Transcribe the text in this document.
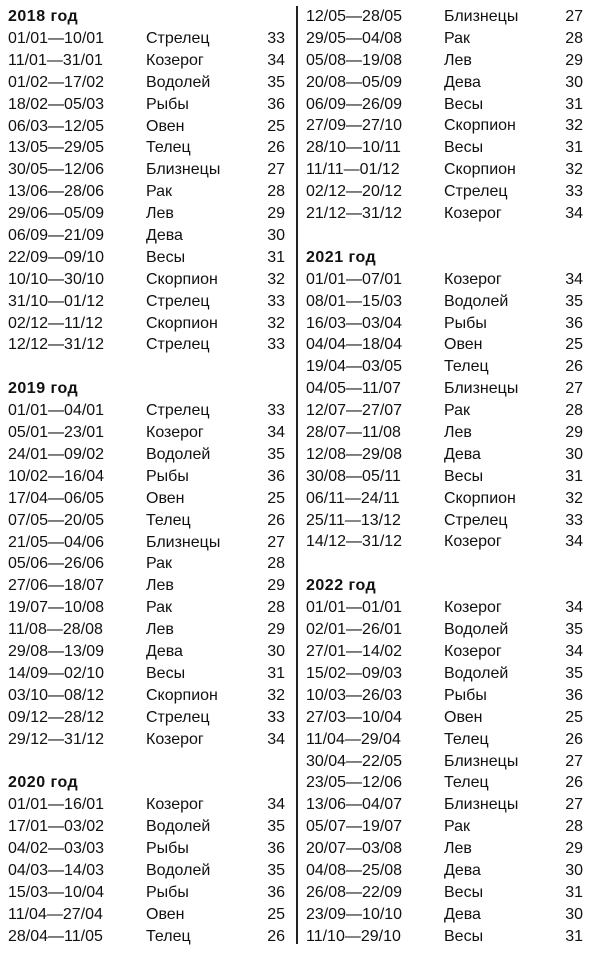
2018 год
01/01—10/01	Стрелец	33
11/01—31/01	Козерог	34
01/02—17/02	Водолей	35
18/02—05/03	Рыбы	36
06/03—12/05	Овен	25
13/05—29/05	Телец	26
30/05—12/06	Близнецы	27
13/06—28/06	Рак	28
29/06—05/09	Лев	29
06/09—21/09	Дева	30
22/09—09/10	Весы	31
10/10—30/10	Скорпион	32
31/10—01/12	Стрелец	33
02/12—11/12	Скорпион	32
12/12—31/12	Стрелец	33
2019 год
01/01—04/01	Стрелец	33
05/01—23/01	Козерог	34
24/01—09/02	Водолей	35
10/02—16/04	Рыбы	36
17/04—06/05	Овен	25
07/05—20/05	Телец	26
21/05—04/06	Близнецы	27
05/06—26/06	Рак	28
27/06—18/07	Лев	29
19/07—10/08	Рак	28
11/08—28/08	Лев	29
29/08—13/09	Дева	30
14/09—02/10	Весы	31
03/10—08/12	Скорпион	32
09/12—28/12	Стрелец	33
29/12—31/12	Козерог	34
2020 год
01/01—16/01	Козерог	34
17/01—03/02	Водолей	35
04/02—03/03	Рыбы	36
04/03—14/03	Водолей	35
15/03—10/04	Рыбы	36
11/04—27/04	Овен	25
28/04—11/05	Телец	26
12/05—28/05	Близнецы	27
29/05—04/08	Рак	28
05/08—19/08	Лев	29
20/08—05/09	Дева	30
06/09—26/09	Весы	31
27/09—27/10	Скорпион	32
28/10—10/11	Весы	31
11/11—01/12	Скорпион	32
02/12—20/12	Стрелец	33
21/12—31/12	Козерог	34
2021 год
01/01—07/01	Козерог	34
08/01—15/03	Водолей	35
16/03—03/04	Рыбы	36
04/04—18/04	Овен	25
19/04—03/05	Телец	26
04/05—11/07	Близнецы	27
12/07—27/07	Рак	28
28/07—11/08	Лев	29
12/08—29/08	Дева	30
30/08—05/11	Весы	31
06/11—24/11	Скорпион	32
25/11—13/12	Стрелец	33
14/12—31/12	Козерог	34
2022 год
01/01—01/01	Козерог	34
02/01—26/01	Водолей	35
27/01—14/02	Козерог	34
15/02—09/03	Водолей	35
10/03—26/03	Рыбы	36
27/03—10/04	Овен	25
11/04—29/04	Телец	26
30/04—22/05	Близнецы	27
23/05—12/06	Телец	26
13/06—04/07	Близнецы	27
05/07—19/07	Рак	28
20/07—03/08	Лев	29
04/08—25/08	Дева	30
26/08—22/09	Весы	31
23/09—10/10	Дева	30
11/10—29/10	Весы	31
